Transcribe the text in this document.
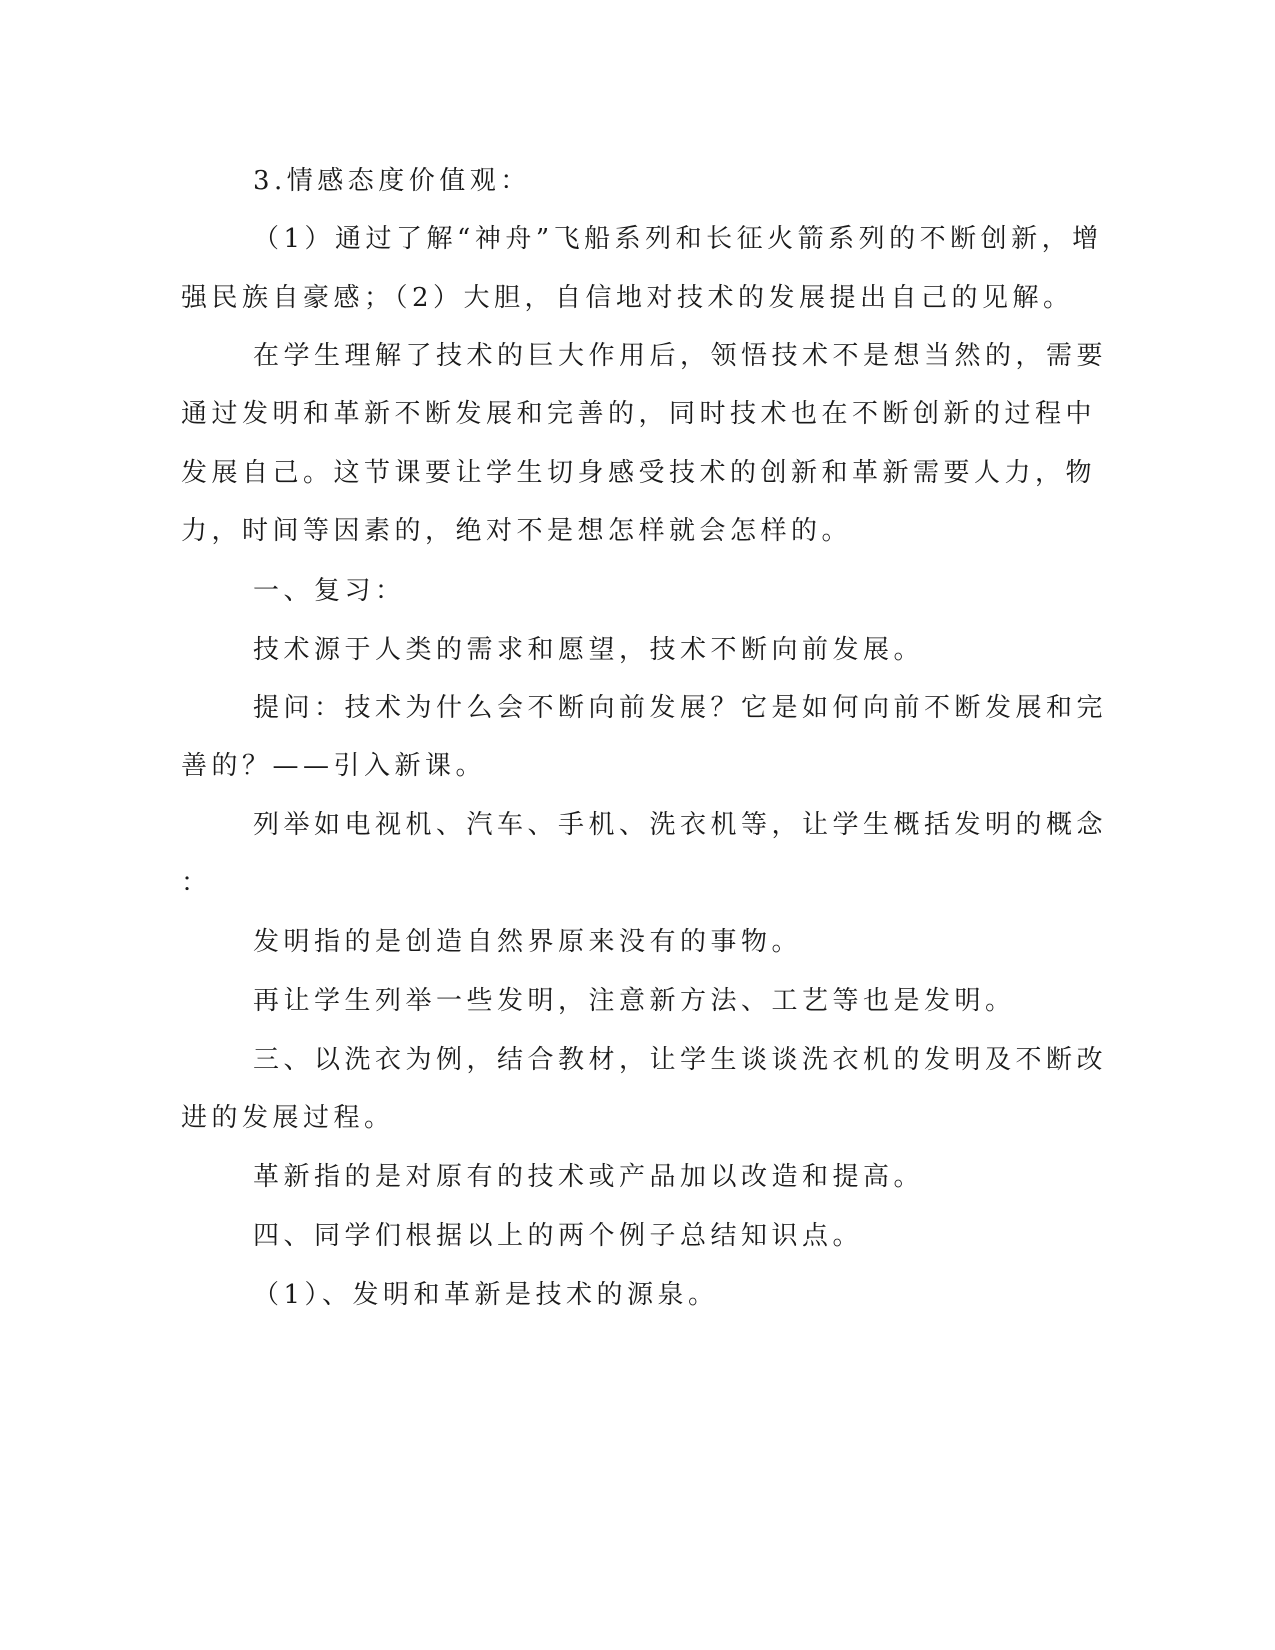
3.情感态度价值观：
（1）通过了解“神舟”飞船系列和长征火箭系列的不断创新，增
强民族自豪感；（2）大胆，自信地对技术的发展提出自己的见解。
在学生理解了技术的巨大作用后，领悟技术不是想当然的，需要
通过发明和革新不断发展和完善的，同时技术也在不断创新的过程中
发展自己。这节课要让学生切身感受技术的创新和革新需要人力，物
力，时间等因素的，绝对不是想怎样就会怎样的。
一、复习：
技术源于人类的需求和愿望，技术不断向前发展。
提问：技术为什么会不断向前发展？它是如何向前不断发展和完
善的？——引入新课。
列举如电视机、汽车、手机、洗衣机等，让学生概括发明的概念
：
发明指的是创造自然界原来没有的事物。
再让学生列举一些发明，注意新方法、工艺等也是发明。
三、以洗衣为例，结合教材，让学生谈谈洗衣机的发明及不断改
进的发展过程。
革新指的是对原有的技术或产品加以改造和提高。
四、同学们根据以上的两个例子总结知识点。
（1）、发明和革新是技术的源泉。
